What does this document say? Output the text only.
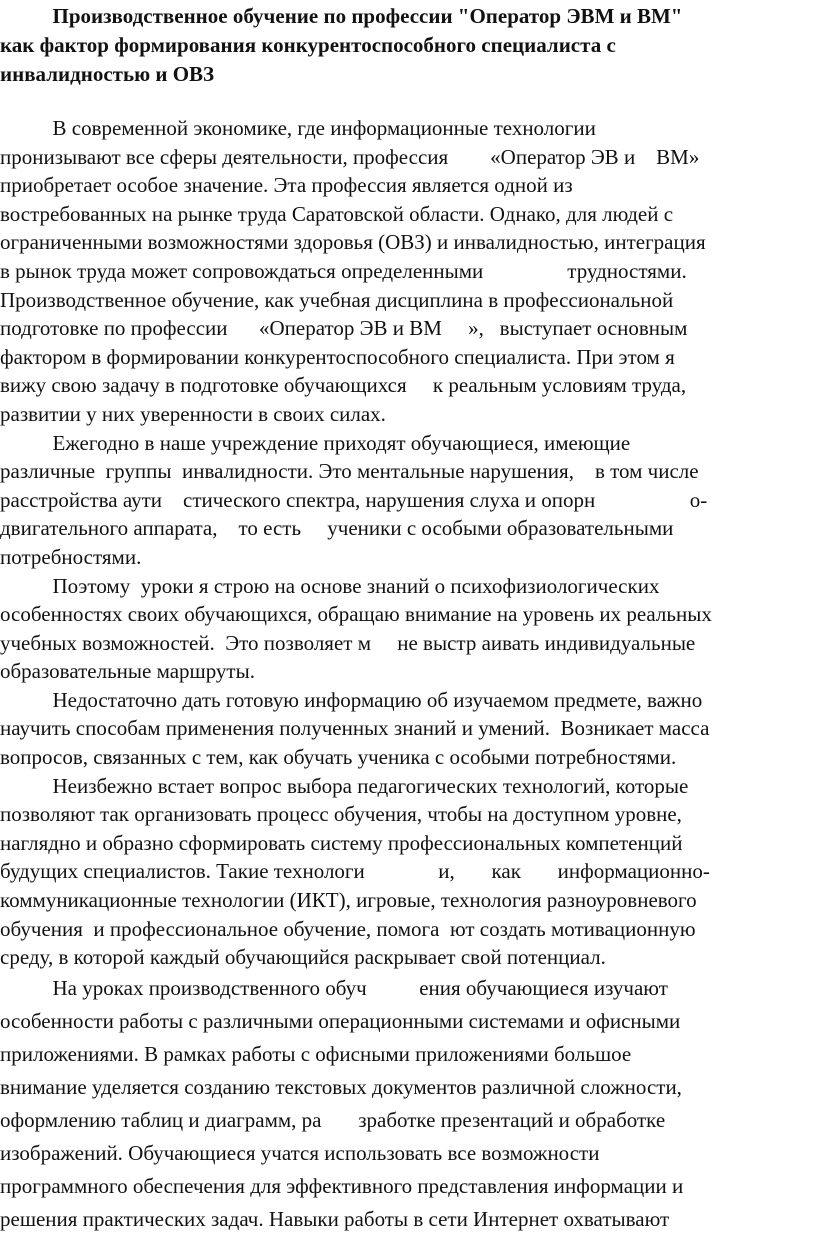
Производственное обучение по профессии "Оператор ЭВМ и ВМ"
как фактор формирования конкурентоспособного специалиста с
инвалидностью и ОВЗ
В современной экономике, где информационные технологии
пронизывают все сферы деятельности, профессия        «Оператор ЭВ и    ВМ»
приобретает особое значение. Эта профессия является одной из
востребованных на рынке труда Саратовской области. Однако, для людей с
ограниченными возможностями здоровья (ОВЗ) и инвалидностью, интеграция
в рынок труда может сопровождаться определенными                трудностями.
Производственное обучение, как учебная дисциплина в профессиональной
подготовке по профессии      «Оператор ЭВ и ВМ     »,   выступает основным
фактором в формировании конкурентоспособного специалиста. При этом я
вижу свою задачу в подготовке обучающихся     к реальным условиям труда,
развитии у них уверенности в своих силах.
Ежегодно в наше учреждение приходят обучающиеся, имеющие
различные  группы  инвалидности. Это ментальные нарушения,    в том числе
расстройства аути    стического спектра, нарушения слуха и опорн                  о-
двигательного аппарата,    то есть     ученики с особыми образовательными
потребностями.
Поэтому  уроки я строю на основе знаний о психофизиологических
особенностях своих обучающихся, обращаю внимание на уровень их реальных
учебных возможностей.  Это позволяет м     не выстр аивать индивидуальные
образовательные маршруты.
Недостаточно дать готовую информацию об изучаемом предмете, важно
научить способам применения полученных знаний и умений.  Возникает масса
вопросов, связанных с тем, как обучать ученика с особыми потребностями.
Неизбежно встает вопрос выбора педагогических технологий, которые
позволяют так организовать процесс обучения, чтобы на доступном уровне,
наглядно и образно сформировать систему профессиональных компетенций
будущих специалистов. Такие технологи              и,       как       информационно-
коммуникационные технологии (ИКТ), игровые, технология разноуровневого
обучения  и профессиональное обучение, помога  ют создать мотивационную
среду, в которой каждый обучающийся раскрывает свой потенциал.
На уроках производственного обуч          ения обучающиеся изучают
особенности работы с различными операционными системами и офисными
приложениями. В рамках работы с офисными приложениями большое
внимание уделяется созданию текстовых документов различной сложности,
оформлению таблиц и диаграмм, ра       зработке презентаций и обработке
изображений. Обучающиеся учатся использовать все возможности
программного обеспечения для эффективного представления информации и
решения практических задач. Навыки работы в сети Интернет охватывают
